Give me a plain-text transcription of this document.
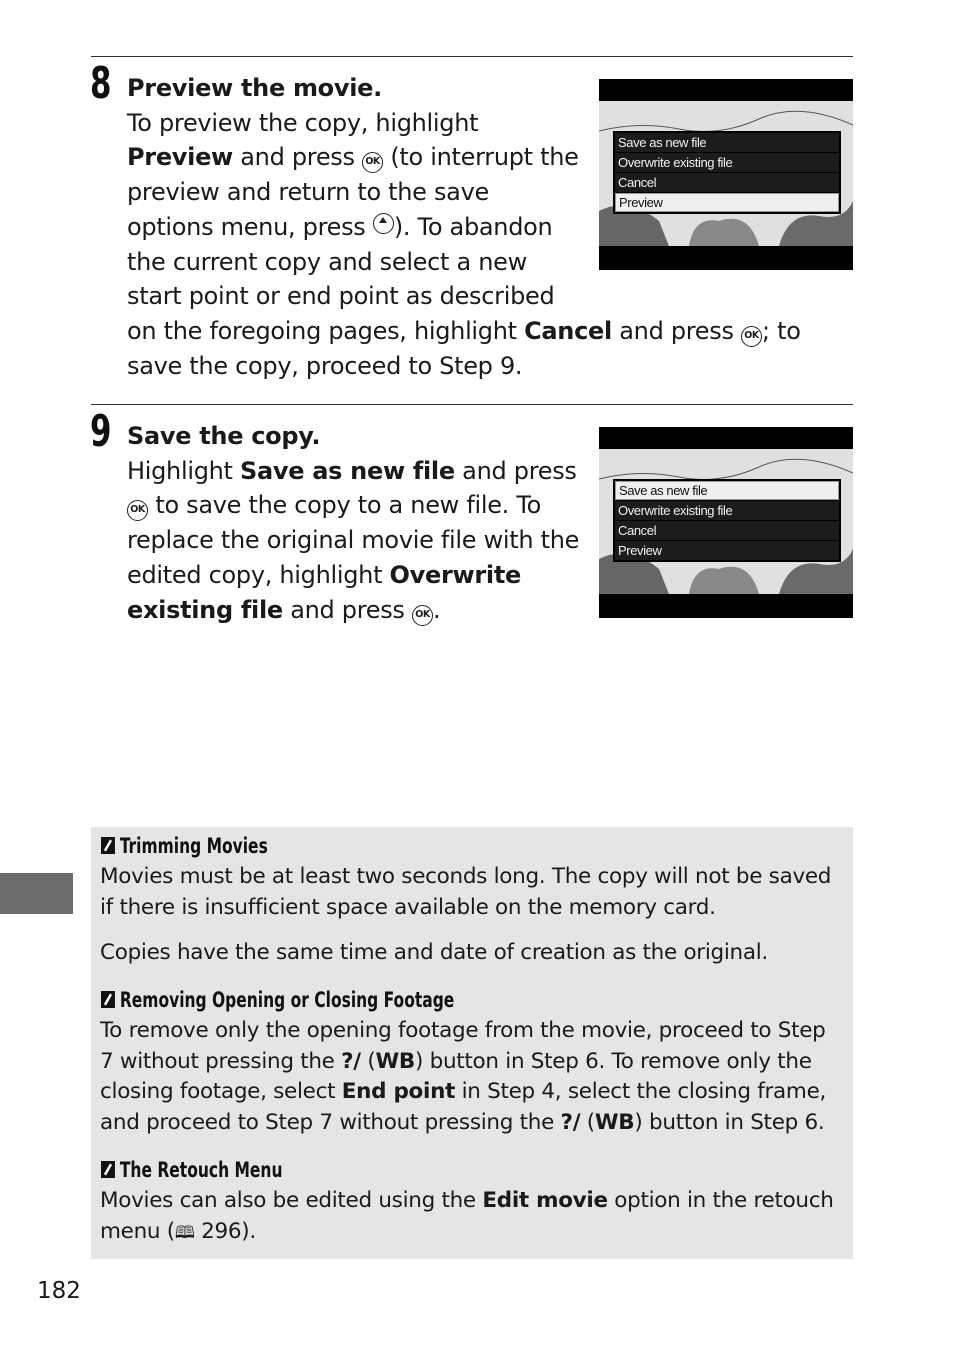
8 Preview the movie.
To preview the copy, highlight
Preview and press OK (to interrupt the
preview and return to the save
options menu, press ). To abandon
the current copy and select a new
start point or end point as described
on the foregoing pages, highlight Cancel and press OK ; to
save the copy, proceed to Step 9.
Save as new file
Overwrite existing file
Cancel
Preview
9 Save the copy.
Highlight Save as new file and press
OK to save the copy to a new file. To
replace the original movie file with the
edited copy, highlight Overwrite
existing file and press OK .
Save as new file
Overwrite existing file
Cancel
Preview
Trimming Movies
Movies must be at least two seconds long. The copy will not be saved
if there is insufficient space available on the memory card.
Copies have the same time and date of creation as the original.
Removing Opening or Closing Footage
To remove only the opening footage from the movie, proceed to Step
7 without pressing the ?/ (WB) button in Step 6. To remove only the
closing footage, select End point in Step 4, select the closing frame,
and proceed to Step 7 without pressing the ?/ (WB) button in Step 6.
The Retouch Menu
Movies can also be edited using the Edit movie option in the retouch
menu (🕮 296).
182
